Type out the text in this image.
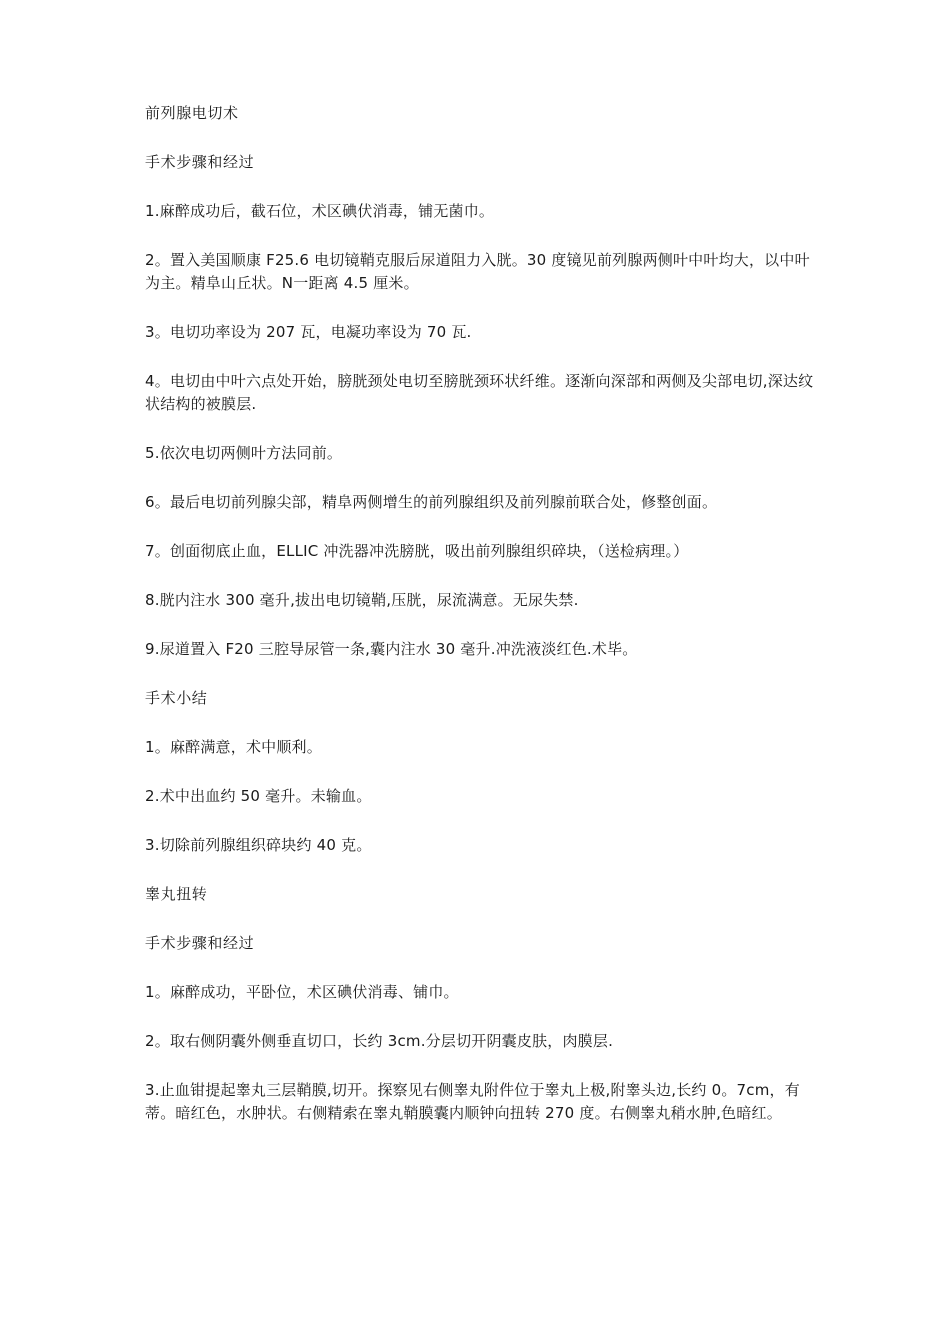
前列腺电切术

手术步骤和经过

1.麻醉成功后，截石位，术区碘伏消毒，铺无菌巾。

2。置入美国顺康 F25.6 电切镜鞘克服后尿道阻力入胱。30 度镜见前列腺两侧叶中叶均大，以中叶为主。精阜山丘状。N一距离 4.5 厘米。

3。电切功率设为 207 瓦，电凝功率设为 70 瓦.

4。电切由中叶六点处开始，膀胱颈处电切至膀胱颈环状纤维。逐渐向深部和两侧及尖部电切,深达纹状结构的被膜层.

5.依次电切两侧叶方法同前。

6。最后电切前列腺尖部，精阜两侧增生的前列腺组织及前列腺前联合处，修整创面。

7。创面彻底止血，ELLIC 冲洗器冲洗膀胱，吸出前列腺组织碎块，（送检病理。）

8.胱内注水 300 毫升,拔出电切镜鞘,压胱，尿流满意。无尿失禁.

9.尿道置入 F20 三腔导尿管一条,囊内注水 30 毫升.冲洗液淡红色.术毕。

手术小结

1。麻醉满意，术中顺利。

2.术中出血约 50 毫升。未输血。

3.切除前列腺组织碎块约 40 克。

睾丸扭转

手术步骤和经过

1。麻醉成功，平卧位，术区碘伏消毒、铺巾。

2。取右侧阴囊外侧垂直切口，长约 3cm.分层切开阴囊皮肤，肉膜层.

3.止血钳提起睾丸三层鞘膜,切开。探察见右侧睾丸附件位于睾丸上极,附睾头边,长约 0。7cm，有蒂。暗红色，水肿状。右侧精索在睾丸鞘膜囊内顺钟向扭转 270 度。右侧睾丸稍水肿,色暗红。
